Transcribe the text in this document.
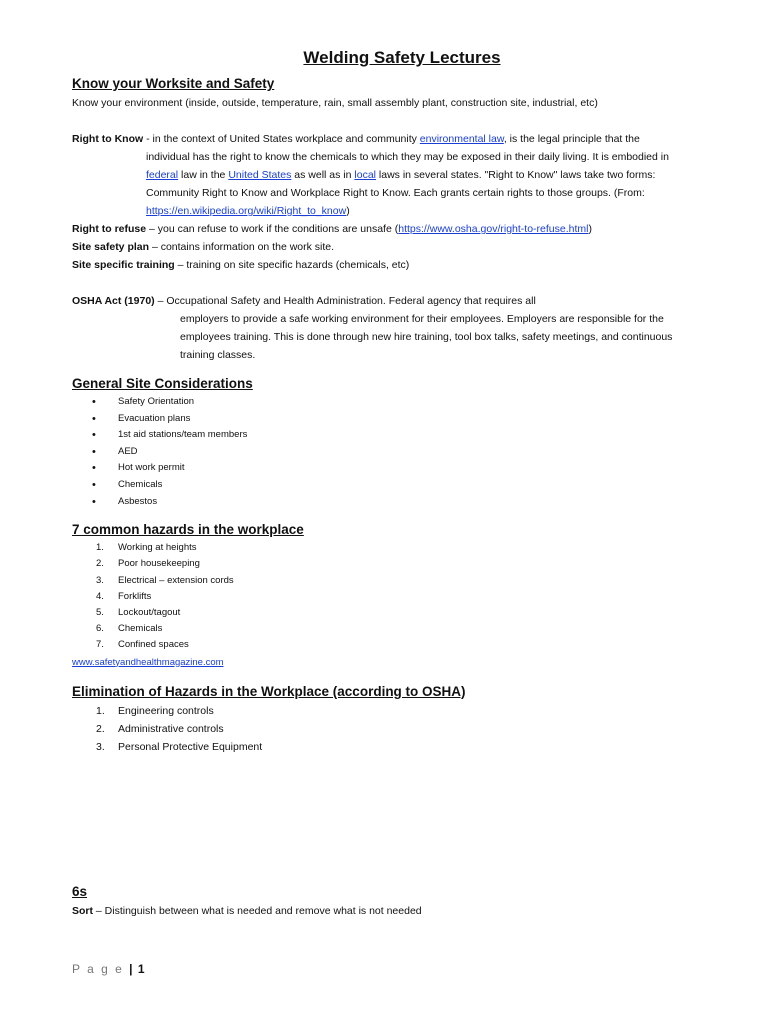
Welding Safety Lectures
Know your Worksite and Safety

Know your environment (inside, outside, temperature, rain, small assembly plant, construction site, industrial, etc)

Right to Know - in the context of United States workplace and community environmental law, is the legal principle that the

individual has the right to know the chemicals to which they may be exposed in their daily living. It is embodied in

federal law in the United States as well as in local laws in several states. "Right to Know" laws take two forms:

Community Right to Know and Workplace Right to Know. Each grants certain rights to those groups. (From:

https://en.wikipedia.org/wiki/Right_to_know)

Right to refuse – you can refuse to work if the conditions are unsafe (https://www.osha.gov/right-to-refuse.html)

Site safety plan – contains information on the work site.

Site specific training – training on site specific hazards (chemicals, etc)

OSHA Act (1970) – Occupational Safety and Health Administration. Federal agency that requires all

employers to provide a safe working environment for their employees. Employers are responsible for the

employees training. This is done through new hire training, tool box talks, safety meetings, and continuous

training classes.

General Site Considerations
• Safety Orientation
• Evacuation plans
• 1st aid stations/team members
• AED
• Hot work permit
• Chemicals
• Asbestos
7 common hazards in the workplace
1.	Working at heights
2.	Poor housekeeping
3.	Electrical – extension cords
4.	Forklifts
5.	Lockout/tagout
6.	Chemicals
7.	Confined spaces

www.safetyandhealthmagazine.com

Elimination of Hazards in the Workplace (according to OSHA)
1.	Engineering controls
2.	Administrative controls
3.	Personal Protective Equipment
6s

Sort – Distinguish between what is needed and remove what is not needed

P a g e | 1
